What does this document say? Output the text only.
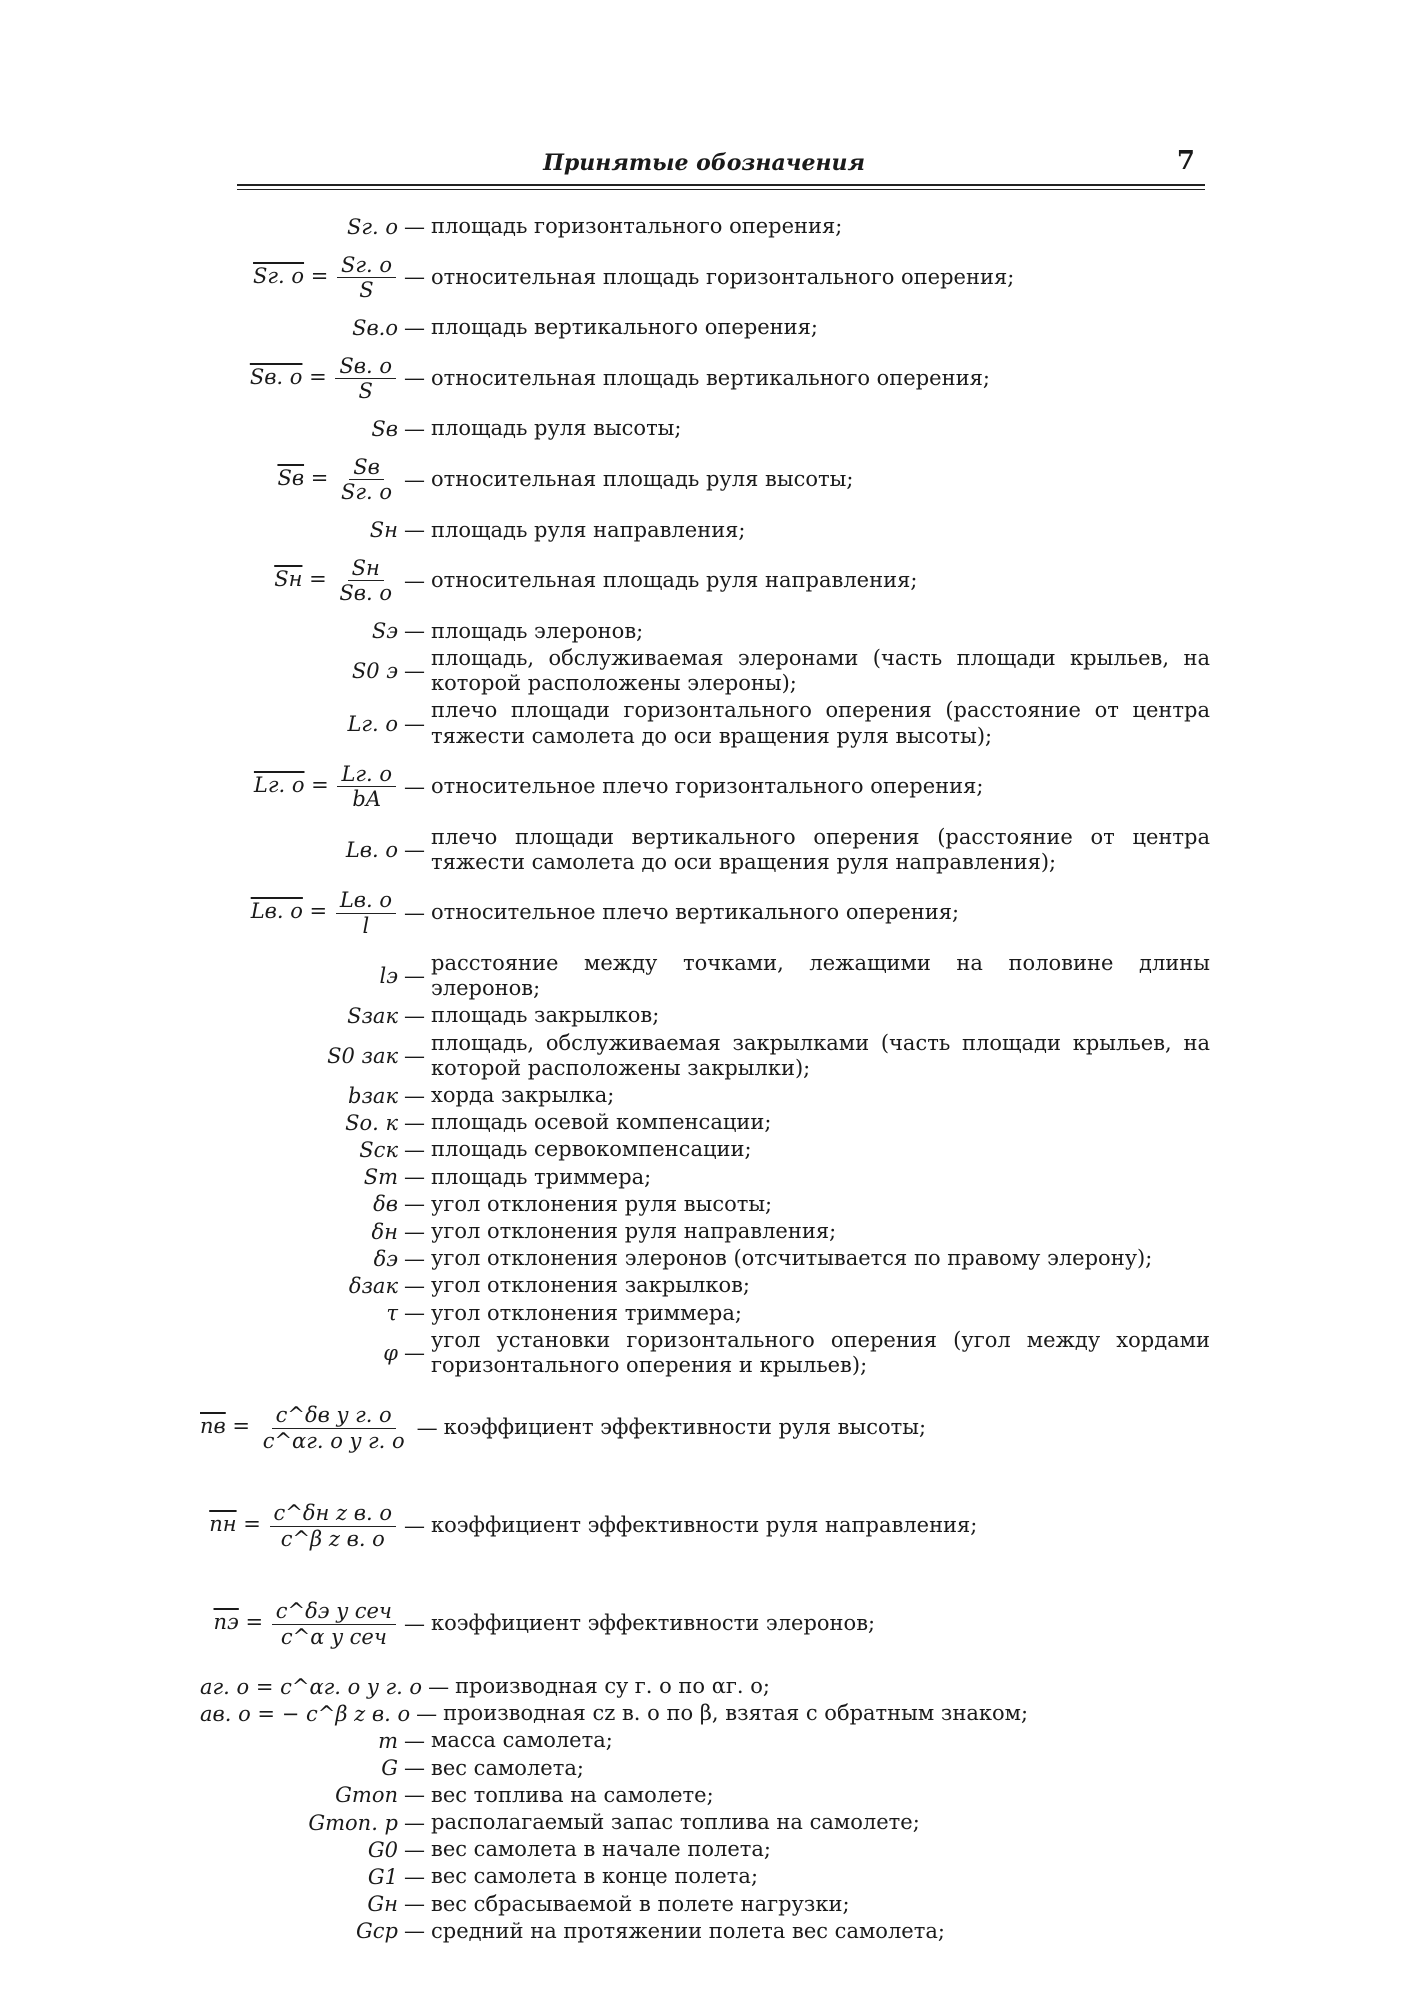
Принятые обозначения	7
Sг. о — площадь горизонтального оперения;
Sг. $о = \frac{Sг. о}{S}$ — относительная площадь горизонтального оперения;
Sв.о — площадь вертикального оперения;
Sв. $о = \frac{Sв. о}{S}$ — относительная площадь вертикального оперения;
Sв — площадь руля высоты;
Sв = $\frac{Sв}{Sг. о}$ — относительная площадь руля высоты;
Sн — площадь руля направления;
Sн = $\frac{Sн}{Sв. о}$ — относительная площадь руля направления;
Sэ — площадь элеронов;
S0 э —
площадь, обслуживаемая элеронами (часть площади крыльев, на которой расположены элероны);
Lг. о —
плечо площади горизонтального оперения (расстояние от центра тяжести самолета до оси вращения руля высоты);
Lг. $о = \frac{Lг. о}{bA}$ — относительное плечо горизонтального оперения;
Lв. о —
плечо площади вертикального оперения (расстояние от центра тяжести самолета до оси вращения руля направления);
Lв. $о = \frac{Lв. о}{l}$ — относительное плечо вертикального оперения;
lэ —
расстояние между точками, лежащими на половине длины элеронов;
Sзак — площадь закрылков;
S0 зак —
площадь, обслуживаемая закрылками (часть площади крыльев, на которой расположены закрылки);
bзак — хорда закрылка;
Sо. к — площадь осевой компенсации;
Sск — площадь сервокомпенсации;
Sт — площадь триммера;
δв — угол отклонения руля высоты;
δн — угол отклонения руля направления;
δэ — угол отклонения элеронов (отсчитывается по правому элерону);
δзак — угол отклонения закрылков;
τ — угол отклонения триммера;
φ —
угол установки горизонтального оперения (угол между хордами горизонтального оперения и крыльев);
nв = $\frac{\text{c\textasciicircum{}δв y г. о}}{\text{c\textasciicircum{}αг. о y г. о}}$ — коэффициент эффективности руля высоты;
nн = $\frac{\text{c\textasciicircum{}δн z в. о}}{\text{c\textasciicircum{}β z в. о}}$ — коэффициент эффективности руля направления;
nэ = $\frac{\text{c\textasciicircum{}δэ y сеч}}{\text{c\textasciicircum{}α y сеч}}$ — коэффициент эффективности элеронов;
aг. о = c^αг. о y г. о — производная cy г. о по αг. о;
aв. о = − c^β z в. о — производная cz в. о по β, взятая с обратным знаком;
m — масса самолета;
G — вес самолета;
Gтоп — вес топлива на самолете;
Gтоп. р — располагаемый запас топлива на самолете;
G0 — вес самолета в начале полета;
G1 — вес самолета в конце полета;
Gн — вес сбрасываемой в полете нагрузки;
Gср — средний на протяжении полета вес самолета;
